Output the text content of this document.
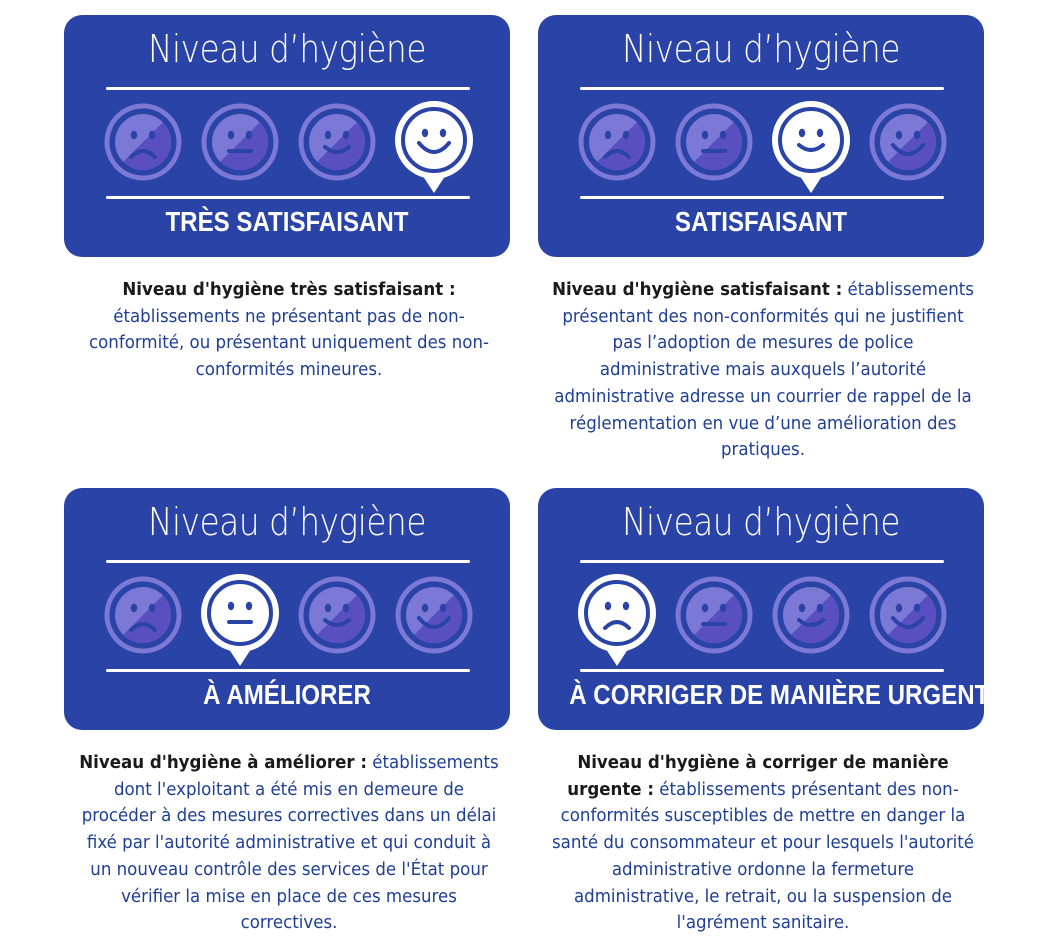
Niveau d’hygiène
TRÈS SATISFAISANT
Niveau d'hygiène très satisfaisant : établissements ne présentant pas de non-conformité, ou présentant uniquement des non-conformités mineures.
Niveau d’hygiène
SATISFAISANT
Niveau d'hygiène satisfaisant : établissements présentant des non-conformités qui ne justifient pas l’adoption de mesures de police administrative mais auxquels l’autorité administrative adresse un courrier de rappel de la réglementation en vue d’une amélioration des pratiques.
Niveau d’hygiène
À AMÉLIORER
Niveau d'hygiène à améliorer : établissements dont l'exploitant a été mis en demeure de procéder à des mesures correctives dans un délai fixé par l'autorité administrative et qui conduit à un nouveau contrôle des services de l'État pour vérifier la mise en place de ces mesures correctives.
Niveau d’hygiène
À CORRIGER DE MANIÈRE URGENTE
Niveau d'hygiène à corriger de manière urgente : établissements présentant des non-conformités susceptibles de mettre en danger la santé du consommateur et pour lesquels l'autorité administrative ordonne la fermeture administrative, le retrait, ou la suspension de l'agrément sanitaire.
